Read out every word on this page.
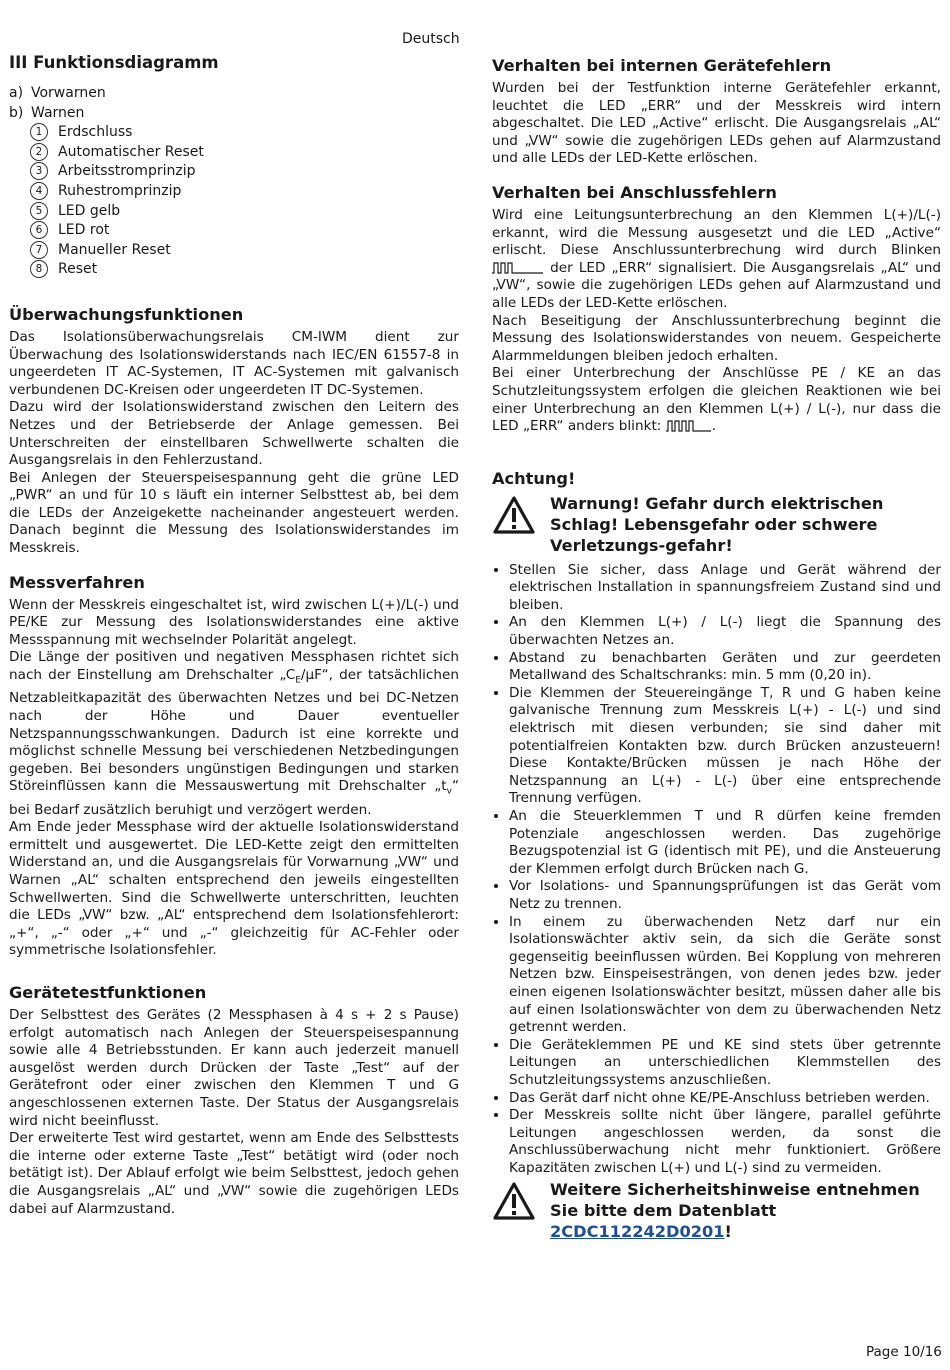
Deutsch
III Funktionsdiagramm
a) Vorwarnen
b) Warnen
1 Erdschluss
2 Automatischer Reset
3 Arbeitsstromprinzip
4 Ruhestromprinzip
5 LED gelb
6 LED rot
7 Manueller Reset
8 Reset
Überwachungsfunktionen

Das Isolationsüberwachungsrelais CM-IWM dient zur Überwachung des Isolationswiderstands nach IEC/EN 61557-8 in ungeerdeten IT AC-Systemen, IT AC-Systemen mit galvanisch verbundenen DC-Kreisen oder ungeerdeten IT DC-Systemen.

Dazu wird der Isolationswiderstand zwischen den Leitern des Netzes und der Betriebserde der Anlage gemessen. Bei Unterschreiten der einstellbaren Schwellwerte schalten die Ausgangsrelais in den Fehlerzustand.

Bei Anlegen der Steuerspeisespannung geht die grüne LED „PWR“ an und für 10 s läuft ein interner Selbsttest ab, bei dem die LEDs der Anzeigekette nacheinander angesteuert werden. Danach beginnt die Messung des Isolationswiderstandes im Messkreis.

Messverfahren

Wenn der Messkreis eingeschaltet ist, wird zwischen L(+)/L(-) und PE/KE zur Messung des Isolationswiderstandes eine aktive Messspannung mit wechselnder Polarität angelegt.

Die Länge der positiven und negativen Messphasen richtet sich nach der Einstellung am Drehschalter $„C_E/\mu F“$, der tatsächlichen Netzableitkapazität des überwachten Netzes und bei DC-Netzen nach der Höhe und Dauer eventueller Netzspannungsschwankungen. Dadurch ist eine korrekte und möglichst schnelle Messung bei verschiedenen Netzbedingungen gegeben. Bei besonders ungünstigen Bedingungen und starken Störeinflüssen kann die Messauswertung mit Drehschalter $„t_v“$ bei Bedarf zusätzlich beruhigt und verzögert werden.

Am Ende jeder Messphase wird der aktuelle Isolationswiderstand ermittelt und ausgewertet. Die LED-Kette zeigt den ermittelten Widerstand an, und die Ausgangsrelais für Vorwarnung „VW“ und Warnen „AL“ schalten entsprechend den jeweils eingestellten Schwellwerten. Sind die Schwellwerte unterschritten, leuchten die LEDs „VW“ bzw. „AL“ entsprechend dem Isolationsfehlerort: „+“, „-“ oder „+“ und „-“ gleichzeitig für AC-Fehler oder symmetrische Isolationsfehler.

Gerätetestfunktionen

Der Selbsttest des Gerätes (2 Messphasen à 4 s + 2 s Pause) erfolgt automatisch nach Anlegen der Steuerspeisespannung sowie alle 4 Betriebsstunden. Er kann auch jederzeit manuell ausgelöst werden durch Drücken der Taste „Test“ auf der Gerätefront oder einer zwischen den Klemmen T und G angeschlossenen externen Taste. Der Status der Ausgangsrelais wird nicht beeinflusst.

Der erweiterte Test wird gestartet, wenn am Ende des Selbsttests die interne oder externe Taste „Test“ betätigt wird (oder noch betätigt ist). Der Ablauf erfolgt wie beim Selbsttest, jedoch gehen die Ausgangsrelais „AL“ und „VW“ sowie die zugehörigen LEDs dabei auf Alarmzustand.

Verhalten bei internen Gerätefehlern

Wurden bei der Testfunktion interne Gerätefehler erkannt, leuchtet die LED „ERR“ und der Messkreis wird intern abgeschaltet. Die LED „Active“ erlischt. Die Ausgangsrelais „AL“ und „VW“ sowie die zugehörigen LEDs gehen auf Alarmzustand und alle LEDs der LED-Kette erlöschen.

Verhalten bei Anschlussfehlern

Wird eine Leitungsunterbrechung an den Klemmen L(+)/L(-) erkannt, wird die Messung ausgesetzt und die LED „Active“ erlischt. Diese Anschlussunterbrechung wird durch Blinken  der LED „ERR“ signalisiert. Die Ausgangsrelais „AL“ und „VW“, sowie die zugehörigen LEDs gehen auf Alarmzustand und alle LEDs der LED-Kette erlöschen.

Nach Beseitigung der Anschlussunterbrechung beginnt die Messung des Isolationswiderstandes von neuem. Gespeicherte Alarmmeldungen bleiben jedoch erhalten.

Bei einer Unterbrechung der Anschlüsse PE / KE an das Schutzleitungssystem erfolgen die gleichen Reaktionen wie bei einer Unterbrechung an den Klemmen L(+) / L(-), nur dass die LED „ERR“ anders blinkt:	.

Achtung!
Warnung! Gefahr durch elektrischen Schlag! Lebensgefahr oder schwere Verletzungs-gefahr!
• Stellen Sie sicher, dass Anlage und Gerät während der elektrischen Installation in spannungsfreiem Zustand sind und bleiben.
• An den Klemmen L(+) / L(-) liegt die Spannung des überwachten Netzes an.
• Abstand zu benachbarten Geräten und zur geerdeten Metallwand des Schaltschranks: min. 5 mm (0,20 in).
• Die Klemmen der Steuereingänge T, R und G haben keine galvanische Trennung zum Messkreis L(+) - L(-) und sind elektrisch mit diesen verbunden; sie sind daher mit potentialfreien Kontakten bzw. durch Brücken anzusteuern! Diese Kontakte/Brücken müssen je nach Höhe der Netzspannung an L(+) - L(-) über eine entsprechende Trennung verfügen.
• An die Steuerklemmen T und R dürfen keine fremden Potenziale angeschlossen werden. Das zugehörige Bezugspotenzial ist G (identisch mit PE), und die Ansteuerung der Klemmen erfolgt durch Brücken nach G.
• Vor Isolations- und Spannungsprüfungen ist das Gerät vom Netz zu trennen.
• In einem zu überwachenden Netz darf nur ein Isolationswächter aktiv sein, da sich die Geräte sonst gegenseitig beeinflussen würden. Bei Kopplung von mehreren Netzen bzw. Einspeisesträngen, von denen jedes bzw. jeder einen eigenen Isolationswächter besitzt, müssen daher alle bis auf einen Isolationswächter von dem zu überwachenden Netz getrennt werden.
• Die Geräteklemmen PE und KE sind stets über getrennte Leitungen an unterschiedlichen Klemmstellen des Schutzleitungssystems anzuschließen.
• Das Gerät darf nicht ohne KE/PE-Anschluss betrieben werden.
• Der Messkreis sollte nicht über längere, parallel geführte Leitungen angeschlossen werden, da sonst die Anschlussüberwachung nicht mehr funktioniert. Größere Kapazitäten zwischen L(+) und L(-) sind zu vermeiden.
Weitere Sicherheitshinweise entnehmen Sie bitte dem Datenblatt 2CDC112242D0201!
Page 10/16
